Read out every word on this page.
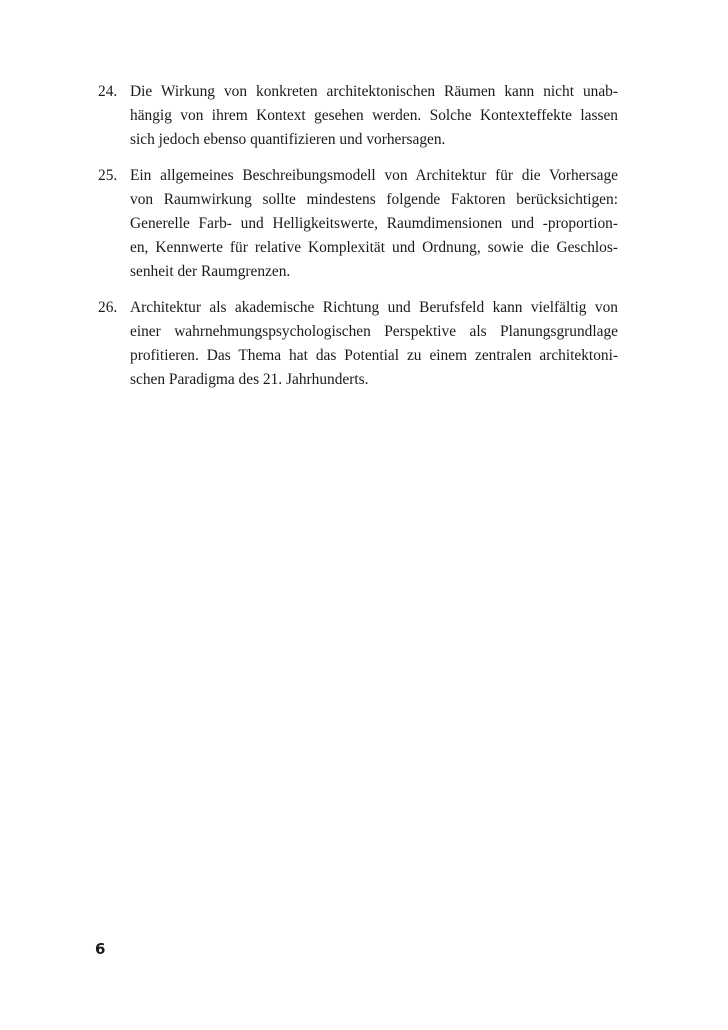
24. Die Wirkung von konkreten architektonischen Räumen kann nicht unab-
hängig von ihrem Kontext gesehen werden. Solche Kontexteffekte lassen
sich jedoch ebenso quantifizieren und vorhersagen.
25. Ein allgemeines Beschreibungsmodell von Architektur für die Vorhersage
von Raumwirkung sollte mindestens folgende Faktoren berücksichtigen:
Generelle Farb- und Helligkeitswerte, Raumdimensionen und -proportion-
en, Kennwerte für relative Komplexität und Ordnung, sowie die Geschlos-
senheit der Raumgrenzen.
26. Architektur als akademische Richtung und Berufsfeld kann vielfältig von
einer wahrnehmungspsychologischen Perspektive als Planungsgrundlage
profitieren. Das Thema hat das Potential zu einem zentralen architektoni-
schen Paradigma des 21. Jahrhunderts.
6
